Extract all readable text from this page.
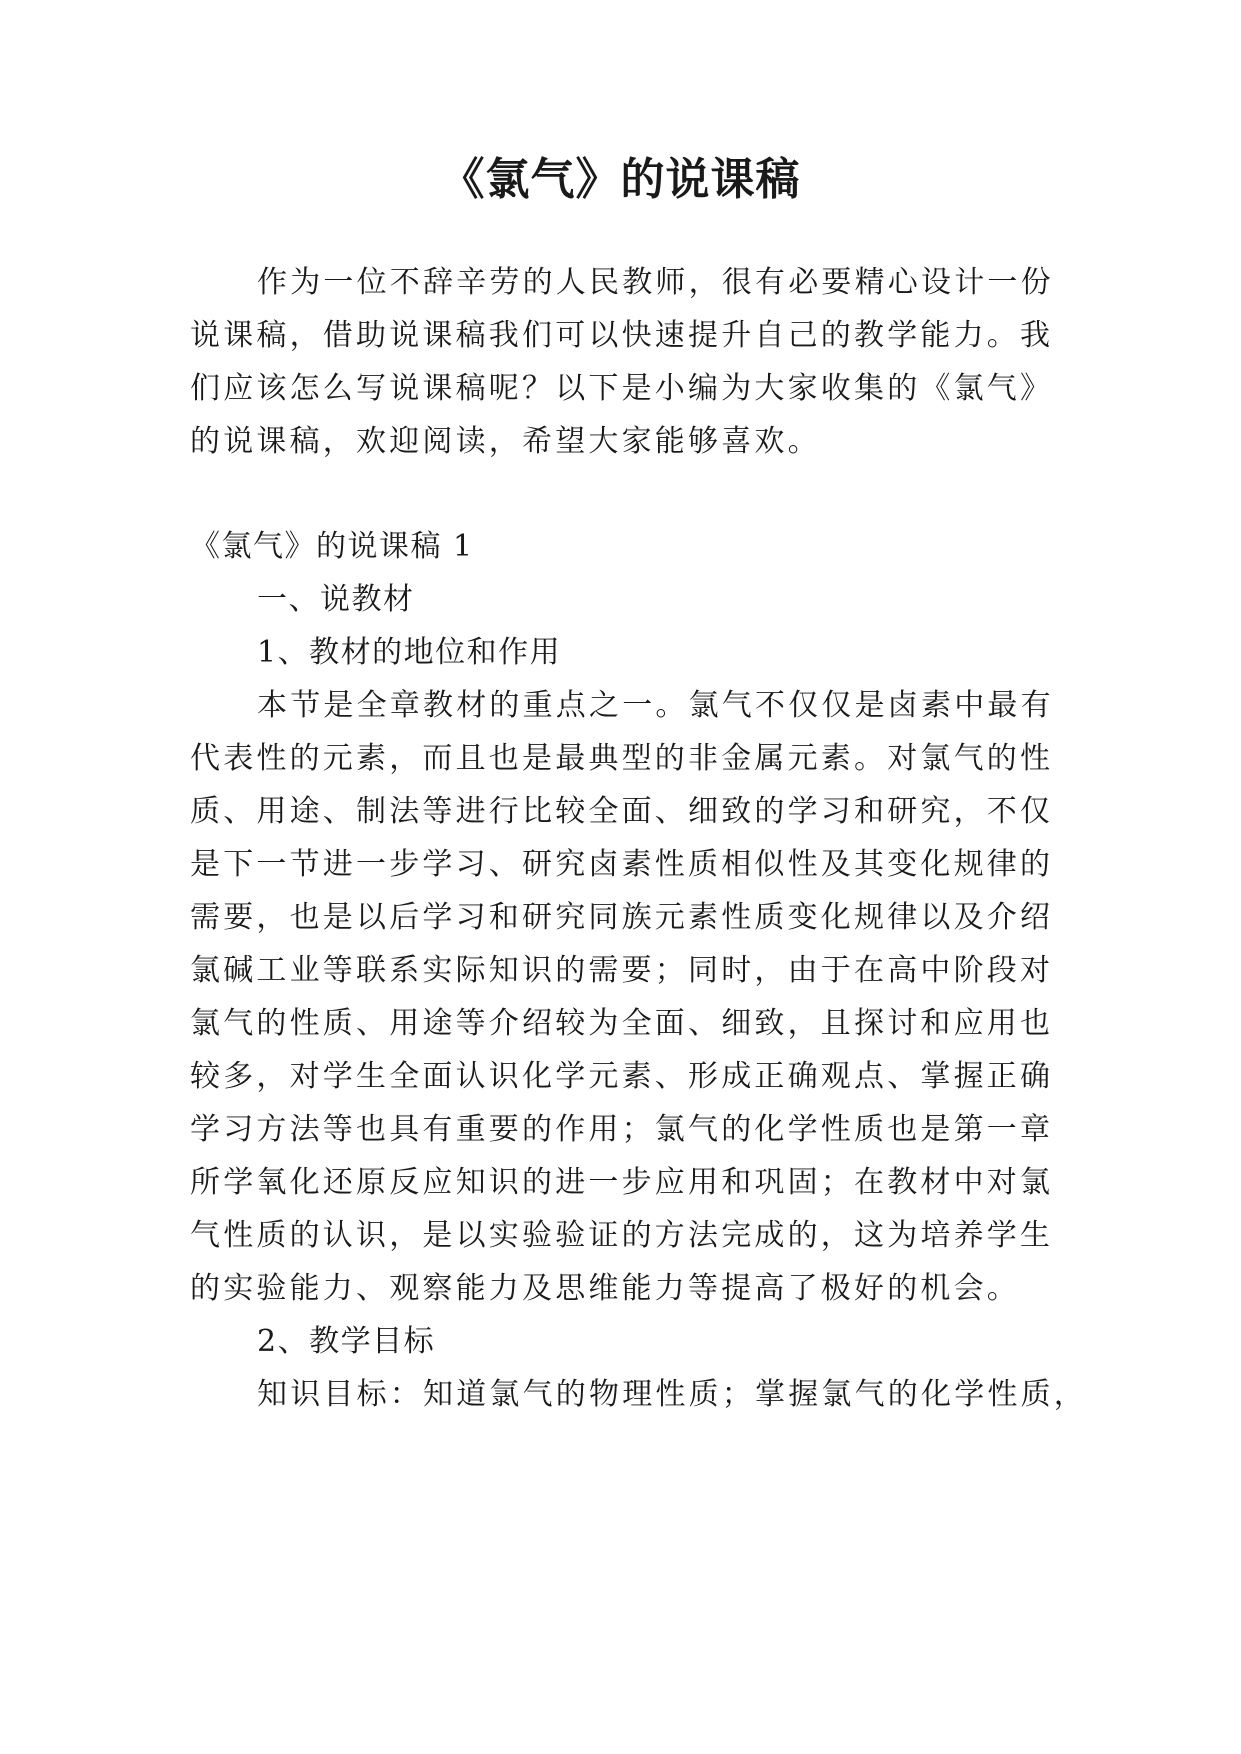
《氯气》的说课稿
作为一位不辞辛劳的人民教师，很有必要精心设计一份
说课稿，借助说课稿我们可以快速提升自己的教学能力。我
们应该怎么写说课稿呢？以下是小编为大家收集的《氯气》
的说课稿，欢迎阅读，希望大家能够喜欢。
《氯气》的说课稿 1
一、说教材
1、教材的地位和作用
本节是全章教材的重点之一。氯气不仅仅是卤素中最有
代表性的元素，而且也是最典型的非金属元素。对氯气的性
质、用途、制法等进行比较全面、细致的学习和研究，不仅
是下一节进一步学习、研究卤素性质相似性及其变化规律的
需要，也是以后学习和研究同族元素性质变化规律以及介绍
氯碱工业等联系实际知识的需要；同时，由于在高中阶段对
氯气的性质、用途等介绍较为全面、细致，且探讨和应用也
较多，对学生全面认识化学元素、形成正确观点、掌握正确
学习方法等也具有重要的作用；氯气的化学性质也是第一章
所学氧化还原反应知识的进一步应用和巩固；在教材中对氯
气性质的认识，是以实验验证的方法完成的，这为培养学生
的实验能力、观察能力及思维能力等提高了极好的机会。
2、教学目标
知识目标：知道氯气的物理性质；掌握氯气的化学性质，
